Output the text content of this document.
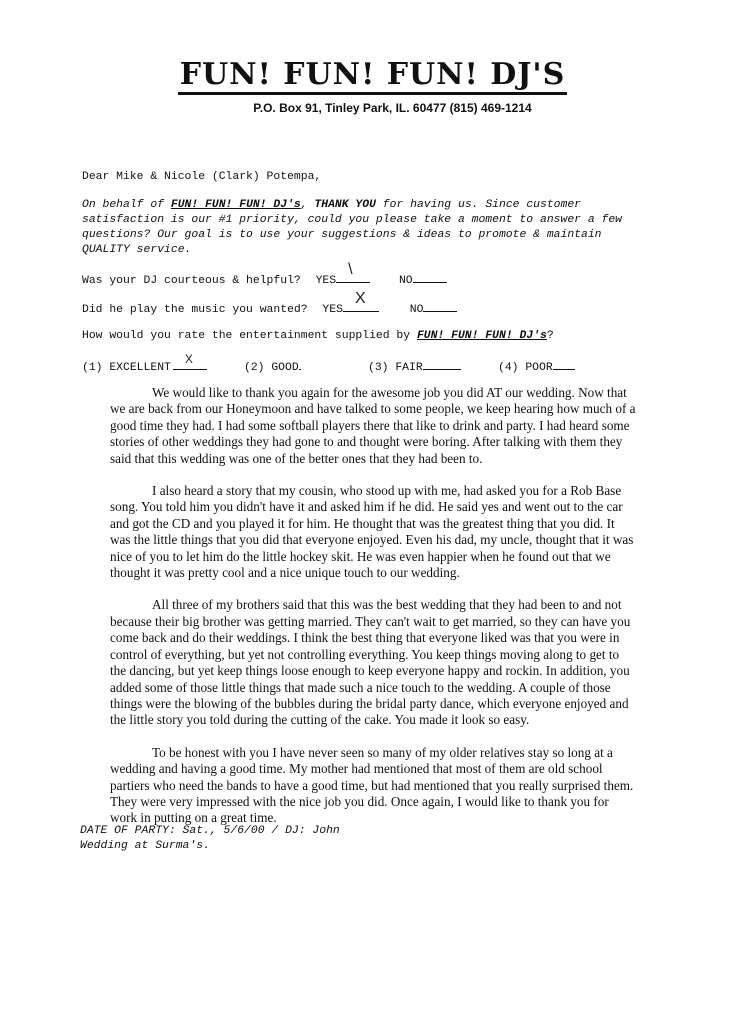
FUN! FUN! FUN! DJ'S
P.O. Box 91, Tinley Park, IL. 60477 (815) 469-1214
Dear Mike & Nicole (Clark) Potempa,
On behalf of FUN! FUN! FUN! DJ's, THANK YOU for having us. Since customer satisfaction is our #1 priority, could you please take a moment to answer a few questions? Our goal is to use your suggestions & ideas to promote & maintain QUALITY service.
Was your DJ courteous & helpful? YES
\
NO
Did he play the music you wanted? YES
X
NO
How would you rate the entertainment supplied by FUN! FUN! FUN! DJ's?
(1) EXCELLENT
X
(2) GOOD	(3) FAIR	(4) POOR

We would like to thank you again for the awesome job you did AT our wedding. Now that we are back from our Honeymoon and have talked to some people, we keep hearing how much of a good time they had. I had some softball players there that like to drink and party. I had heard some stories of other weddings they had gone to and thought were boring. After talking with them they said that this wedding was one of the better ones that they had been to.

I also heard a story that my cousin, who stood up with me, had asked you for a Rob Base song. You told him you didn't have it and asked him if he did. He said yes and went out to the car and got the CD and you played it for him. He thought that was the greatest thing that you did. It was the little things that you did that everyone enjoyed. Even his dad, my uncle, thought that it was nice of you to let him do the little hockey skit. He was even happier when he found out that we thought it was pretty cool and a nice unique touch to our wedding.

All three of my brothers said that this was the best wedding that they had been to and not because their big brother was getting married. They can't wait to get married, so they can have you come back and do their weddings. I think the best thing that everyone liked was that you were in control of everything, but yet not controlling everything. You keep things moving along to get to the dancing, but yet keep things loose enough to keep everyone happy and rockin. In addition, you added some of those little things that made such a nice touch to the wedding. A couple of those things were the blowing of the bubbles during the bridal party dance, which everyone enjoyed and the little story you told during the cutting of the cake. You made it look so easy.

To be honest with you I have never seen so many of my older relatives stay so long at a wedding and having a good time. My mother had mentioned that most of them are old school partiers who need the bands to have a good time, but had mentioned that you really surprised them. They were very impressed with the nice job you did. Once again, I would like to thank you for work in putting on a great time.

DATE OF PARTY: Sat., 5/6/00 / DJ: John
Wedding at Surma's.
